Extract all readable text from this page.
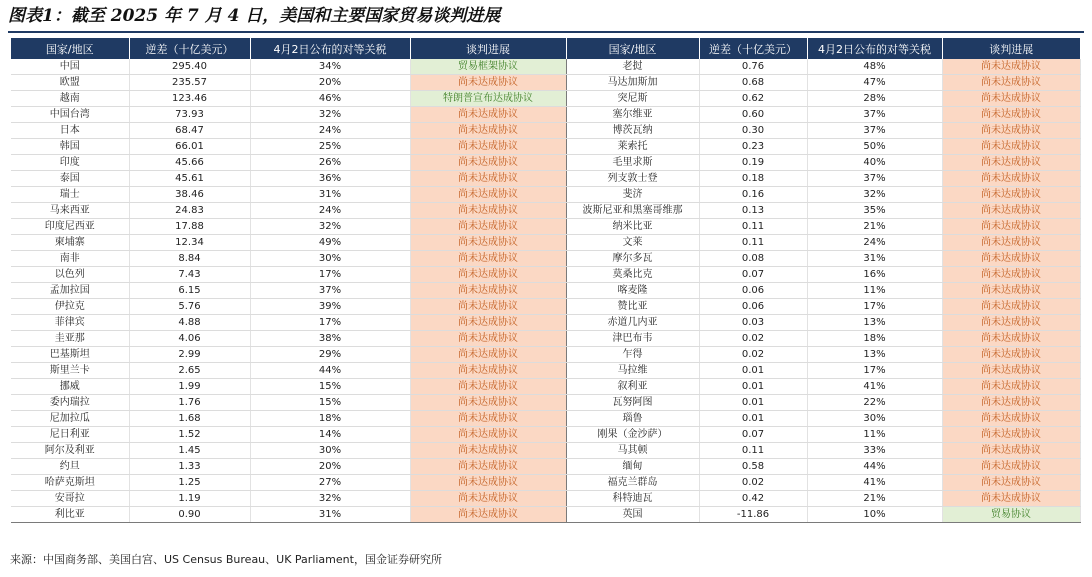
图表1：截至 2025 年 7 月 4 日，美国和主要国家贸易谈判进展
国家/地区	逆差（十亿美元）	4月2日公布的对等关税	谈判进展	国家/地区	逆差（十亿美元）	4月2日公布的对等关税	谈判进展
中国	295.40	34%	贸易框架协议	老挝	0.76	48%	尚未达成协议
欧盟	235.57	20%	尚未达成协议	马达加斯加	0.68	47%	尚未达成协议
越南	123.46	46%	特朗普宣布达成协议	突尼斯	0.62	28%	尚未达成协议
中国台湾	73.93	32%	尚未达成协议	塞尔维亚	0.60	37%	尚未达成协议
日本	68.47	24%	尚未达成协议	博茨瓦纳	0.30	37%	尚未达成协议
韩国	66.01	25%	尚未达成协议	莱索托	0.23	50%	尚未达成协议
印度	45.66	26%	尚未达成协议	毛里求斯	0.19	40%	尚未达成协议
泰国	45.61	36%	尚未达成协议	列支敦士登	0.18	37%	尚未达成协议
瑞士	38.46	31%	尚未达成协议	斐济	0.16	32%	尚未达成协议
马来西亚	24.83	24%	尚未达成协议	波斯尼亚和黑塞哥维那	0.13	35%	尚未达成协议
印度尼西亚	17.88	32%	尚未达成协议	纳米比亚	0.11	21%	尚未达成协议
柬埔寨	12.34	49%	尚未达成协议	文莱	0.11	24%	尚未达成协议
南非	8.84	30%	尚未达成协议	摩尔多瓦	0.08	31%	尚未达成协议
以色列	7.43	17%	尚未达成协议	莫桑比克	0.07	16%	尚未达成协议
孟加拉国	6.15	37%	尚未达成协议	喀麦隆	0.06	11%	尚未达成协议
伊拉克	5.76	39%	尚未达成协议	赞比亚	0.06	17%	尚未达成协议
菲律宾	4.88	17%	尚未达成协议	赤道几内亚	0.03	13%	尚未达成协议
圭亚那	4.06	38%	尚未达成协议	津巴布韦	0.02	18%	尚未达成协议
巴基斯坦	2.99	29%	尚未达成协议	乍得	0.02	13%	尚未达成协议
斯里兰卡	2.65	44%	尚未达成协议	马拉维	0.01	17%	尚未达成协议
挪威	1.99	15%	尚未达成协议	叙利亚	0.01	41%	尚未达成协议
委内瑞拉	1.76	15%	尚未达成协议	瓦努阿图	0.01	22%	尚未达成协议
尼加拉瓜	1.68	18%	尚未达成协议	瑙鲁	0.01	30%	尚未达成协议
尼日利亚	1.52	14%	尚未达成协议	刚果（金沙萨）	0.07	11%	尚未达成协议
阿尔及利亚	1.45	30%	尚未达成协议	马其顿	0.11	33%	尚未达成协议
约旦	1.33	20%	尚未达成协议	缅甸	0.58	44%	尚未达成协议
哈萨克斯坦	1.25	27%	尚未达成协议	福克兰群岛	0.02	41%	尚未达成协议
安哥拉	1.19	32%	尚未达成协议	科特迪瓦	0.42	21%	尚未达成协议
利比亚	0.90	31%	尚未达成协议	英国	-11.86	10%	贸易协议
来源：中国商务部、美国白宫、US Census Bureau、UK Parliament，国金证券研究所
